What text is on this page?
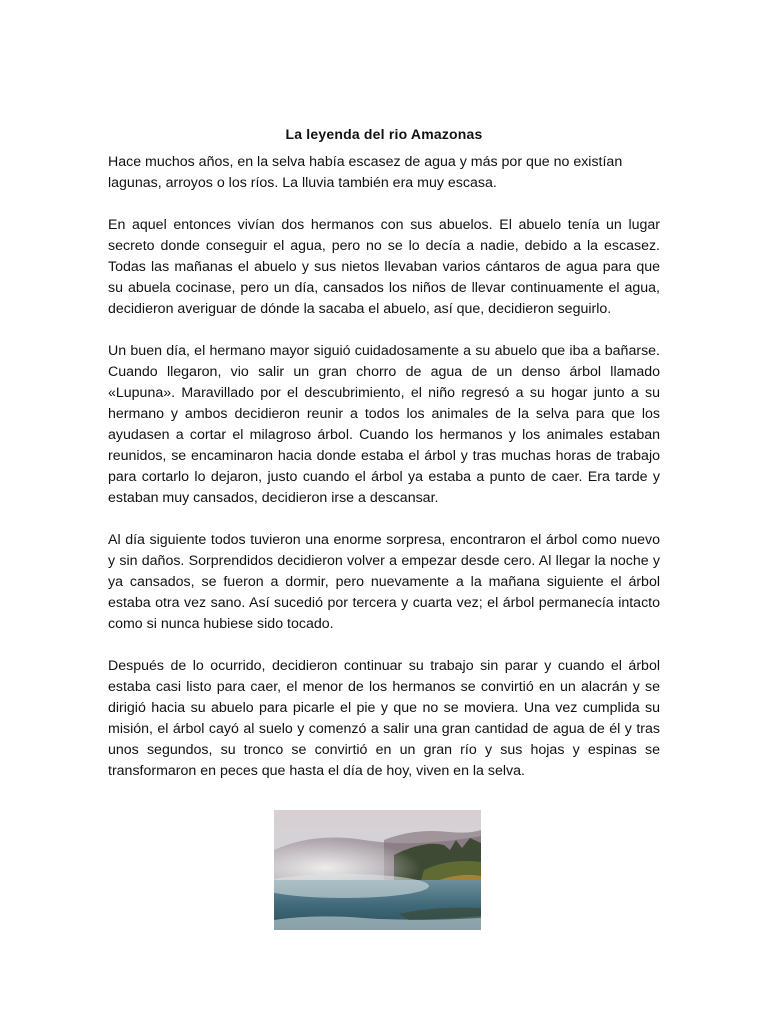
La leyenda del rio Amazonas

Hace muchos años, en la selva había escasez de agua y más por que no existían lagunas, arroyos o los ríos. La lluvia también era muy escasa.

En aquel entonces vivían dos hermanos con sus abuelos. El abuelo tenía un lugar secreto donde conseguir el agua, pero no se lo decía a nadie, debido a la escasez. Todas las mañanas el abuelo y sus nietos llevaban varios cántaros de agua para que su abuela cocinase, pero un día, cansados los niños de llevar continuamente el agua, decidieron averiguar de dónde la sacaba el abuelo, así que, decidieron seguirlo.

Un buen día, el hermano mayor siguió cuidadosamente a su abuelo que iba a bañarse. Cuando llegaron, vio salir un gran chorro de agua de un denso árbol llamado «Lupuna». Maravillado por el descubrimiento, el niño regresó a su hogar junto a su hermano y ambos decidieron reunir a todos los animales de la selva para que los ayudasen a cortar el milagroso árbol. Cuando los hermanos y los animales estaban reunidos, se encaminaron hacia donde estaba el árbol y tras muchas horas de trabajo para cortarlo lo dejaron, justo cuando el árbol ya estaba a punto de caer. Era tarde y estaban muy cansados, decidieron irse a descansar.

Al día siguiente todos tuvieron una enorme sorpresa, encontraron el árbol como nuevo y sin daños. Sorprendidos decidieron volver a empezar desde cero. Al llegar la noche y ya cansados, se fueron a dormir, pero nuevamente a la mañana siguiente el árbol estaba otra vez sano. Así sucedió por tercera y cuarta vez; el árbol permanecía intacto como si nunca hubiese sido tocado.

Después de lo ocurrido, decidieron continuar su trabajo sin parar y cuando el árbol estaba casi listo para caer, el menor de los hermanos se convirtió en un alacrán y se dirigió hacia su abuelo para picarle el pie y que no se moviera. Una vez cumplida su misión, el árbol cayó al suelo y comenzó a salir una gran cantidad de agua de él y tras unos segundos, su tronco se convirtió en un gran río y sus hojas y espinas se transformaron en peces que hasta el día de hoy, viven en la selva.
